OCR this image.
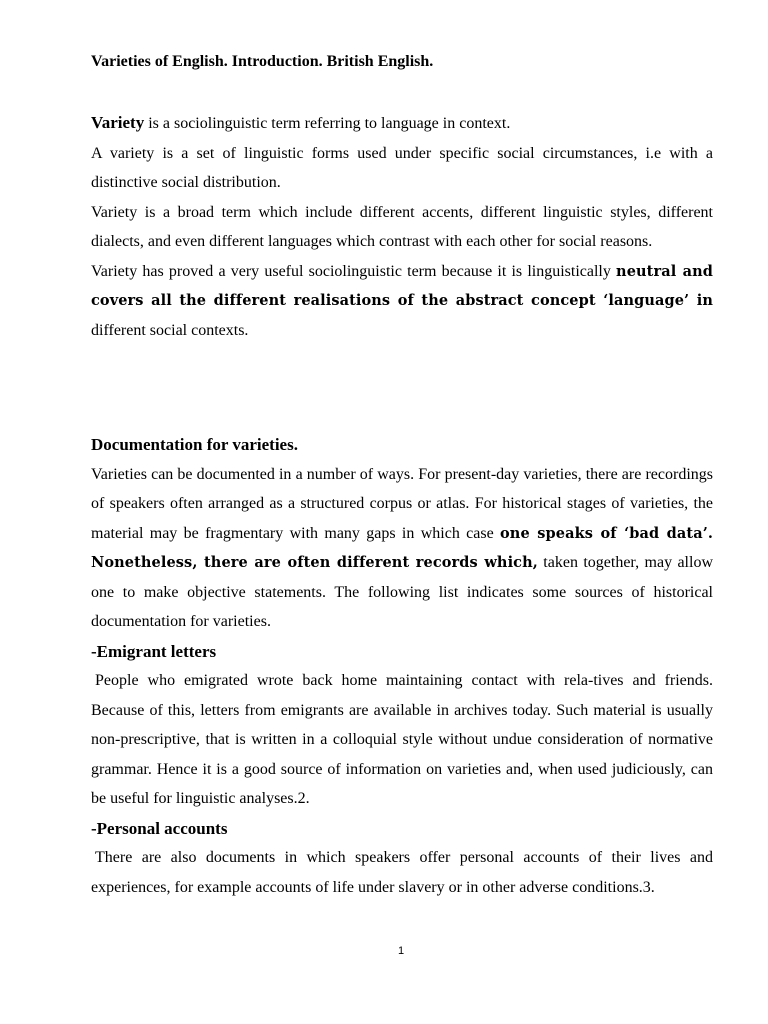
Varieties of English. Introduction. British English.

Variety is a sociolinguistic term referring to language in context.

A variety is a set of linguistic forms used under specific social circumstances, i.e with a distinctive social distribution.

Variety is a broad term which include different accents, different linguistic styles, different dialects, and even different languages which contrast with each other for social reasons.

Variety has proved a very useful sociolinguistic term because it is linguistically neutral and covers all the different realisations of the abstract concept ‘language’ in different social contexts.

Documentation for varieties.

Varieties can be documented in a number of ways. For present-day varieties, there are recordings of speakers often arranged as a structured corpus or atlas. For historical stages of varieties, the material may be fragmentary with many gaps in which case one speaks of ‘bad data’. Nonetheless, there are often different records which, taken together, may allow one to make objective statements. The following list indicates some sources of historical documentation for varieties.

-Emigrant letters

People who emigrated wrote back home maintaining contact with rela-tives and friends. Because of this, letters from emigrants are available in archives today. Such material is usually non-prescriptive, that is written in a colloquial style without undue consideration of normative grammar. Hence it is a good source of information on varieties and, when used judiciously, can be useful for linguistic analyses.2.

-Personal accounts

There are also documents in which speakers offer personal accounts of their lives and experiences, for example accounts of life under slavery or in other adverse conditions.3.

1
